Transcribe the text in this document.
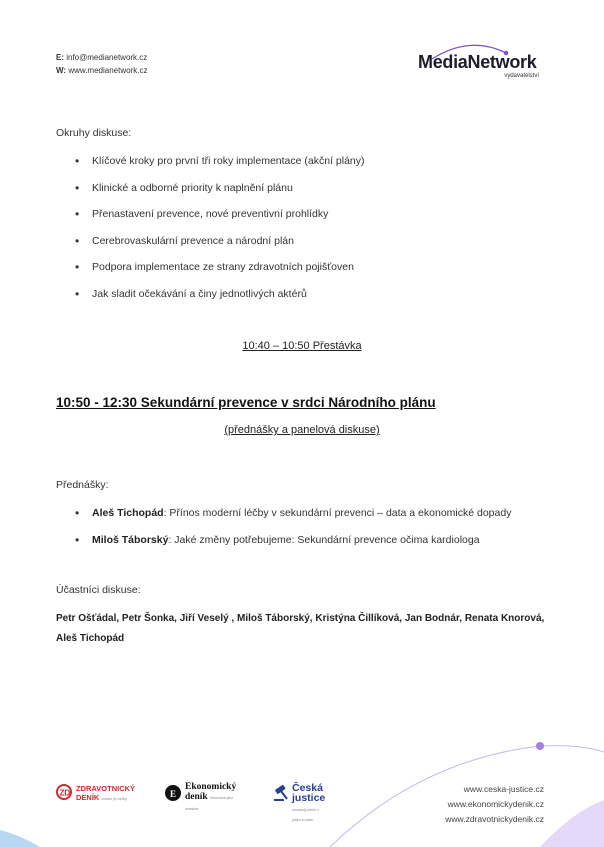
E: info@medianetwork.cz
W: www.medianetwork.cz	MediaNetwork
vydavatelství
Okruhy diskuse:
• Klíčové kroky pro první tři roky implementace (akční plány)
• Klinické a odborné priority k naplnění plánu
• Přenastavení prevence, nové preventivní prohlídky
• Cerebrovaskulární prevence a národní plán
• Podpora implementace ze strany zdravotních pojišťoven
• Jak sladit očekávání a činy jednotlivých aktérů
10:40 – 10:50 Přestávka
10:50 - 12:30 Sekundární prevence v srdci Národního plánu
(přednášky a panelová diskuse)
Přednášky:
• Aleš Tichopád: Přínos moderní léčby v sekundární prevenci – data a ekonomické dopady
• Miloš Táborský: Jaké změny potřebujeme: Sekundární prevence očima kardiologa
Účastníci diskuse:
Petr Ošťádal, Petr Šonka, Jiří Veselý , Miloš Táborský, Kristýna Čillíková, Jan Bodnár, Renata Knorová, Aleš Tichopád
ZD ZDRAVOTNICKÝ
DENÍK zdraví je velký	E
Ekonomický
deník Informace jako investice
Česká justice
nezávislý deník o justici a právu
www.ceska-justice.cz
www.ekonomickydenik.cz
www.zdravotnickydenik.cz
